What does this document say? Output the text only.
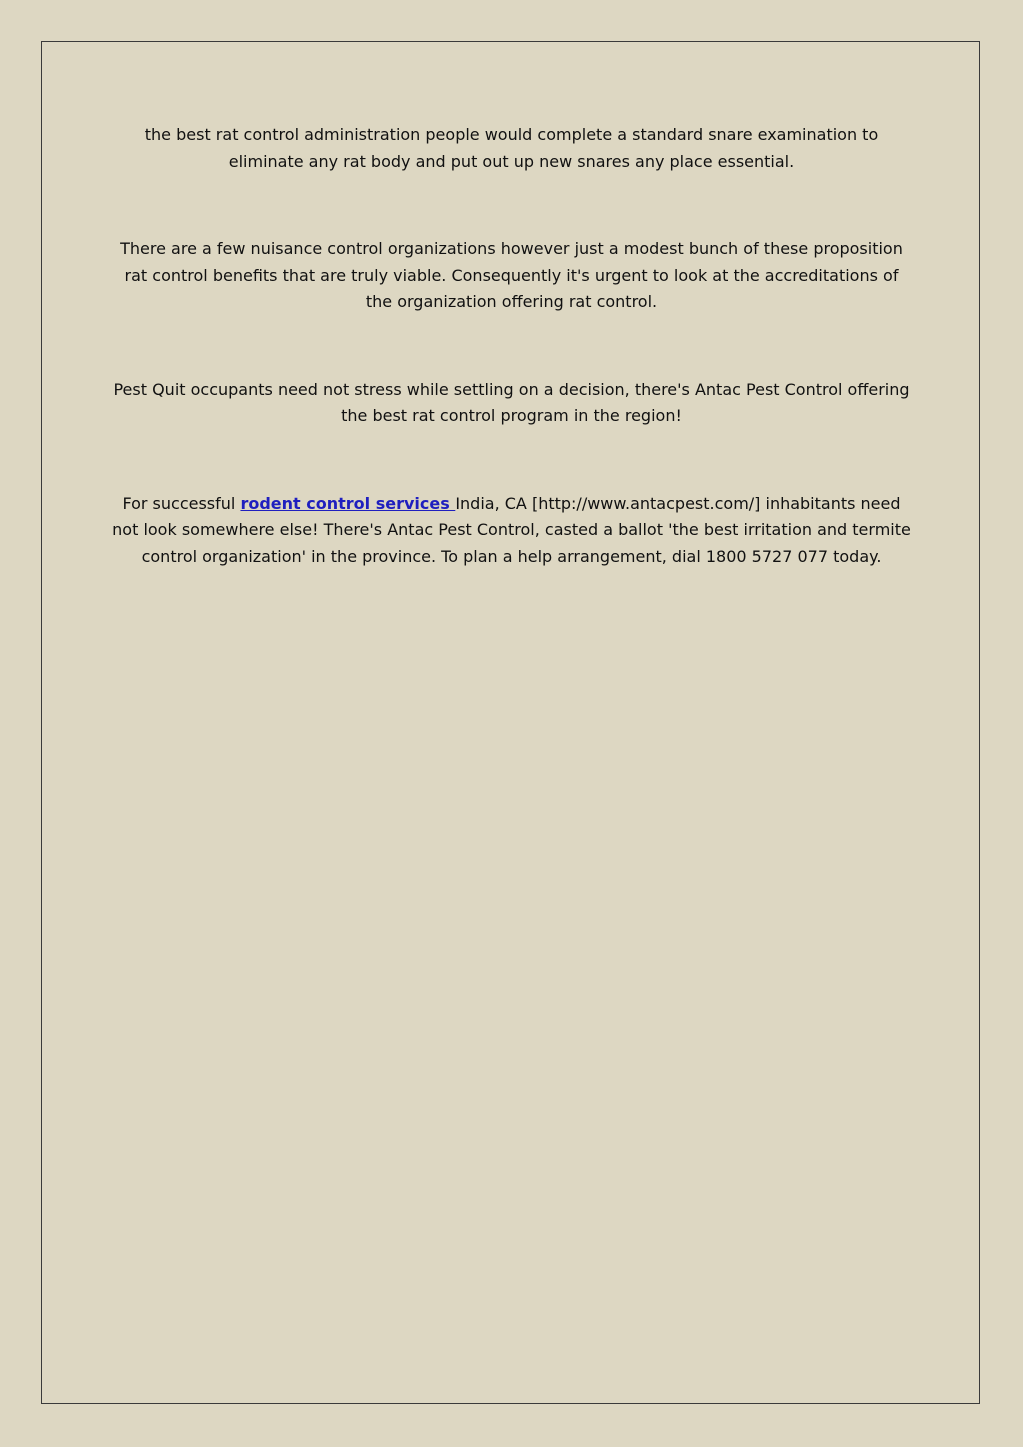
the best rat control administration people would complete a standard snare examination to eliminate any rat body and put out up new snares any place essential.

There are a few nuisance control organizations however just a modest bunch of these proposition rat control benefits that are truly viable. Consequently it's urgent to look at the accreditations of the organization offering rat control.

Pest Quit occupants need not stress while settling on a decision, there's Antac Pest Control offering the best rat control program in the region!

For successful rodent control services India, CA [http://www.antacpest.com/] inhabitants need not look somewhere else! There's Antac Pest Control, casted a ballot 'the best irritation and termite control organization' in the province. To plan a help arrangement, dial 1800 5727 077 today.
